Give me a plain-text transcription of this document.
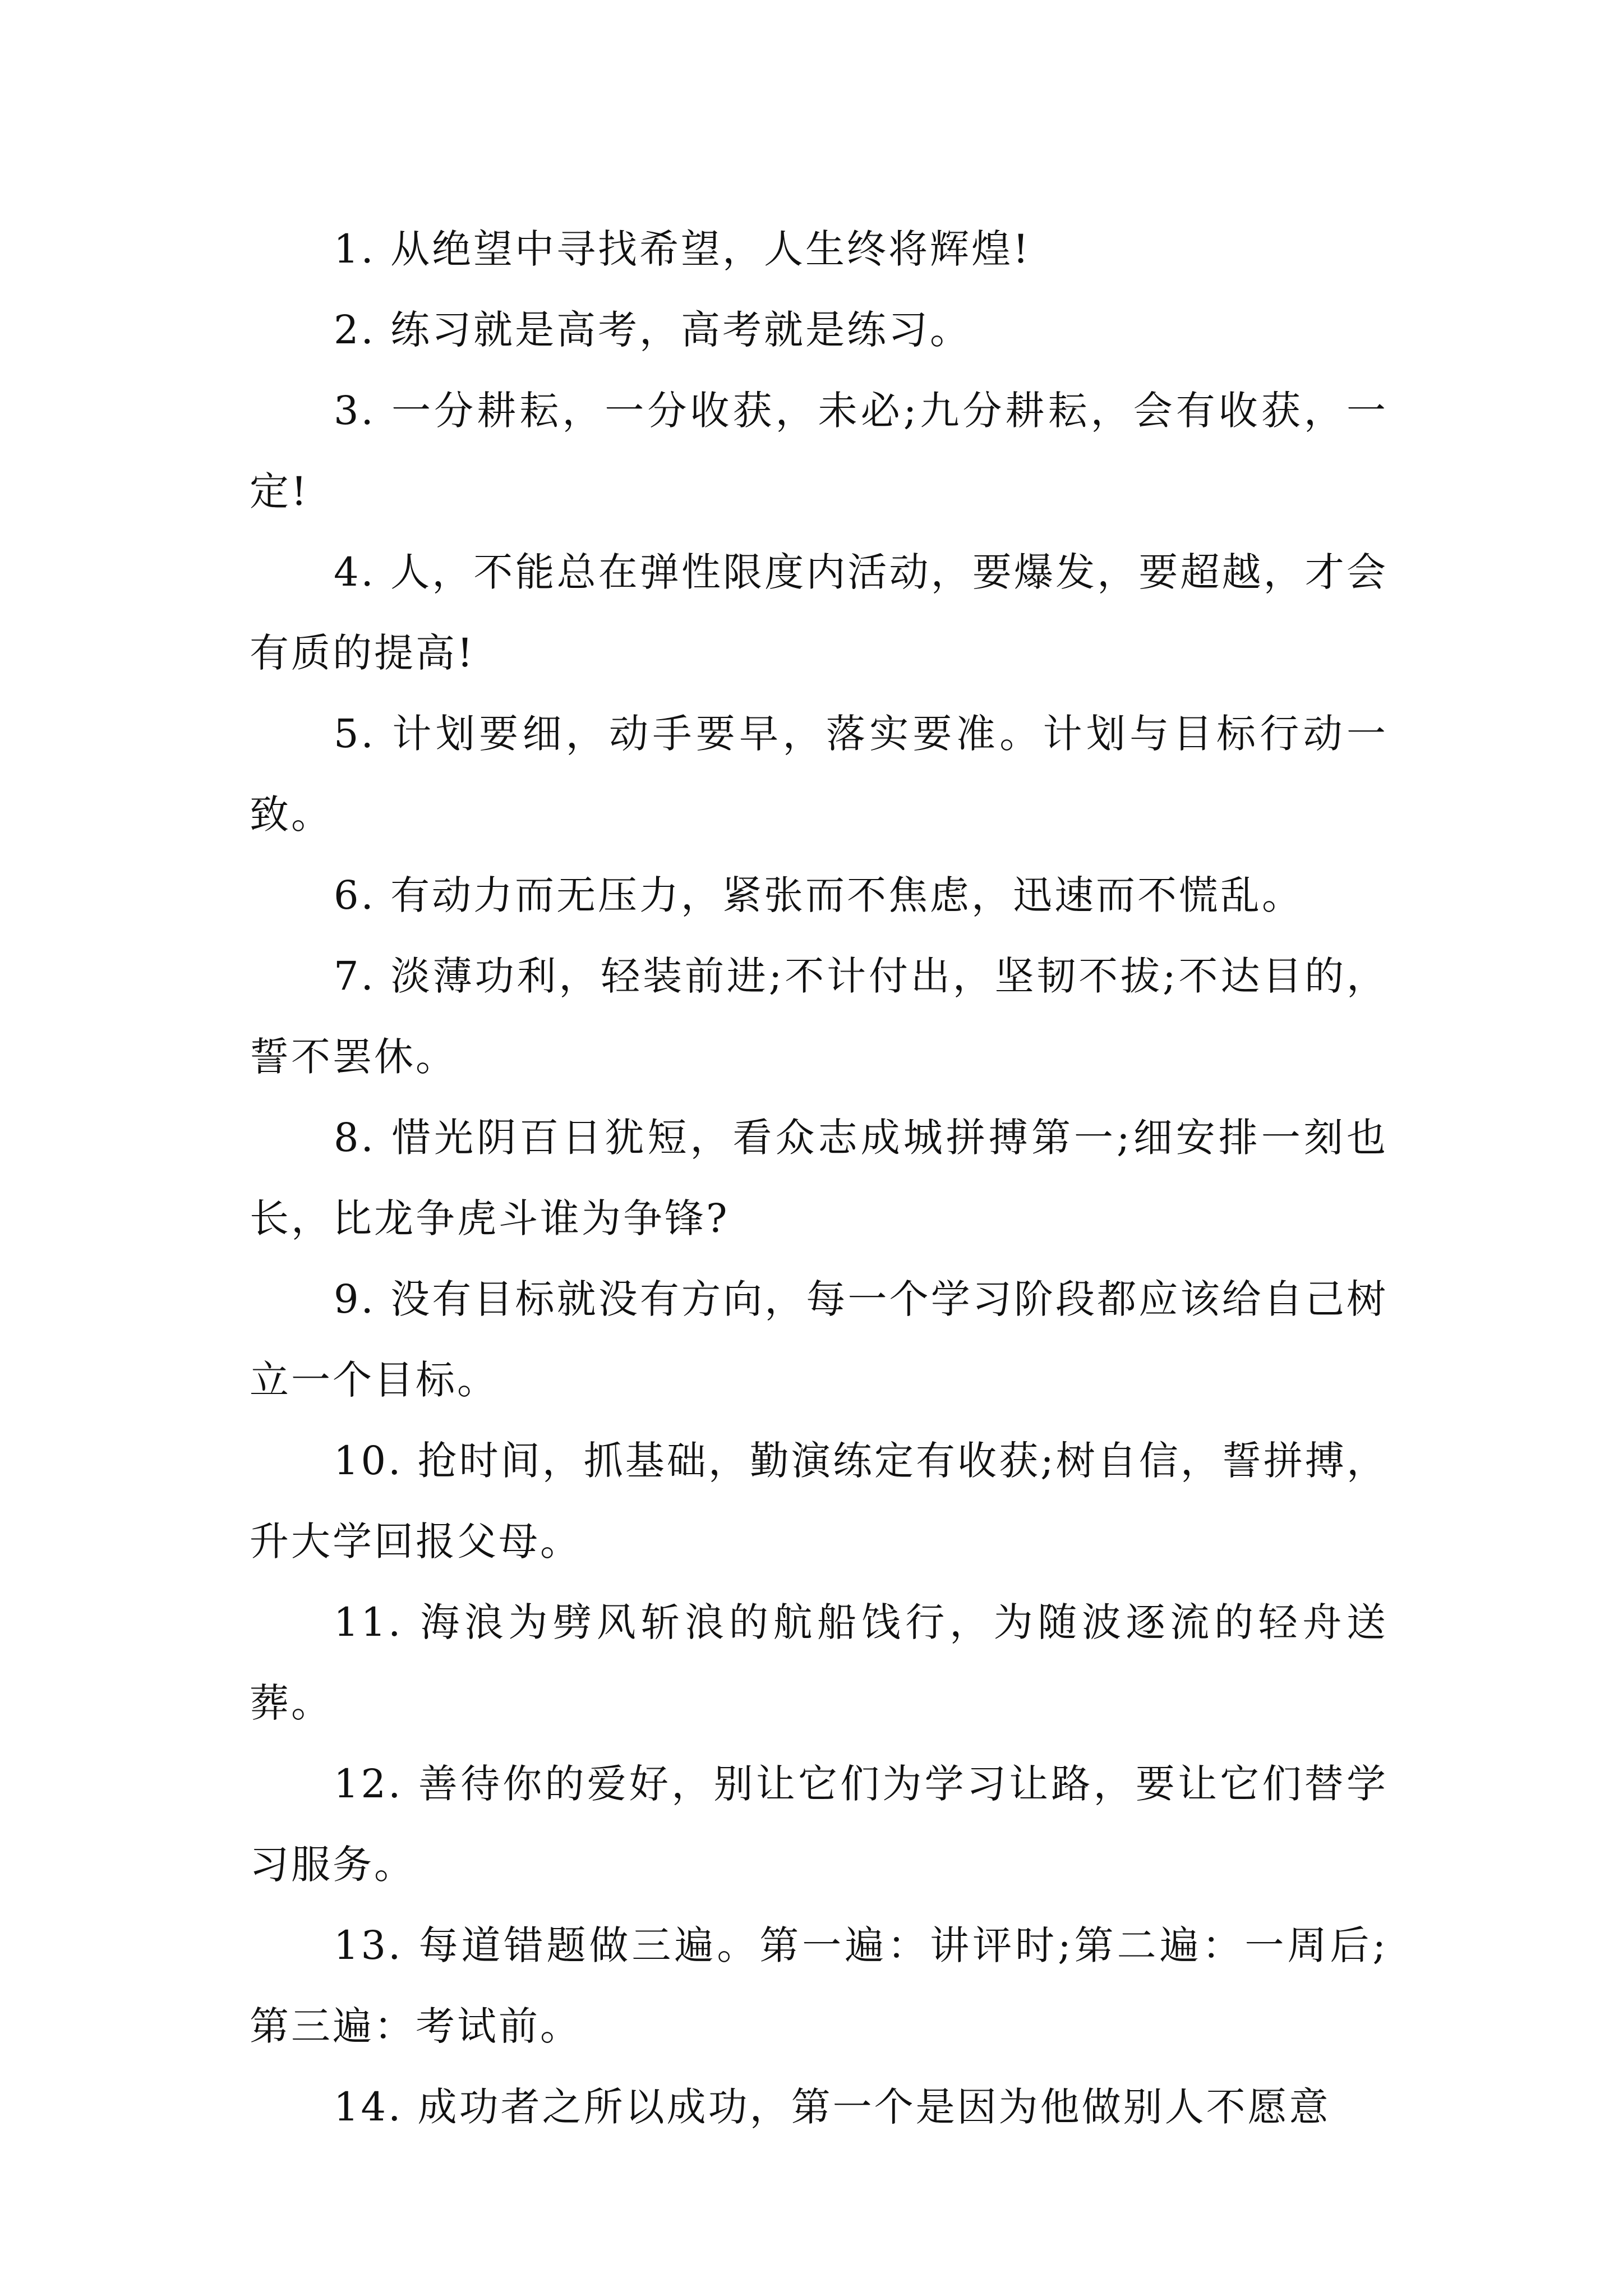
1. 从绝望中寻找希望，人生终将辉煌!

2. 练习就是高考，高考就是练习。

3. 一分耕耘，一分收获，未必;九分耕耘，会有收获，一定!

4. 人，不能总在弹性限度内活动，要爆发，要超越，才会有质的提高!

5. 计划要细，动手要早，落实要准。计划与目标行动一致。

6. 有动力而无压力，紧张而不焦虑，迅速而不慌乱。

7. 淡薄功利，轻装前进;不计付出，坚韧不拔;不达目的，誓不罢休。

8. 惜光阴百日犹短，看众志成城拼搏第一;细安排一刻也长，比龙争虎斗谁为争锋?

9. 没有目标就没有方向，每一个学习阶段都应该给自己树立一个目标。

10. 抢时间，抓基础，勤演练定有收获;树自信，誓拼搏，升大学回报父母。

11. 海浪为劈风斩浪的航船饯行，为随波逐流的轻舟送葬。

12. 善待你的爱好，别让它们为学习让路，要让它们替学习服务。

13. 每道错题做三遍。第一遍：讲评时;第二遍：一周后;第三遍：考试前。

14. 成功者之所以成功，第一个是因为他做别人不愿意
